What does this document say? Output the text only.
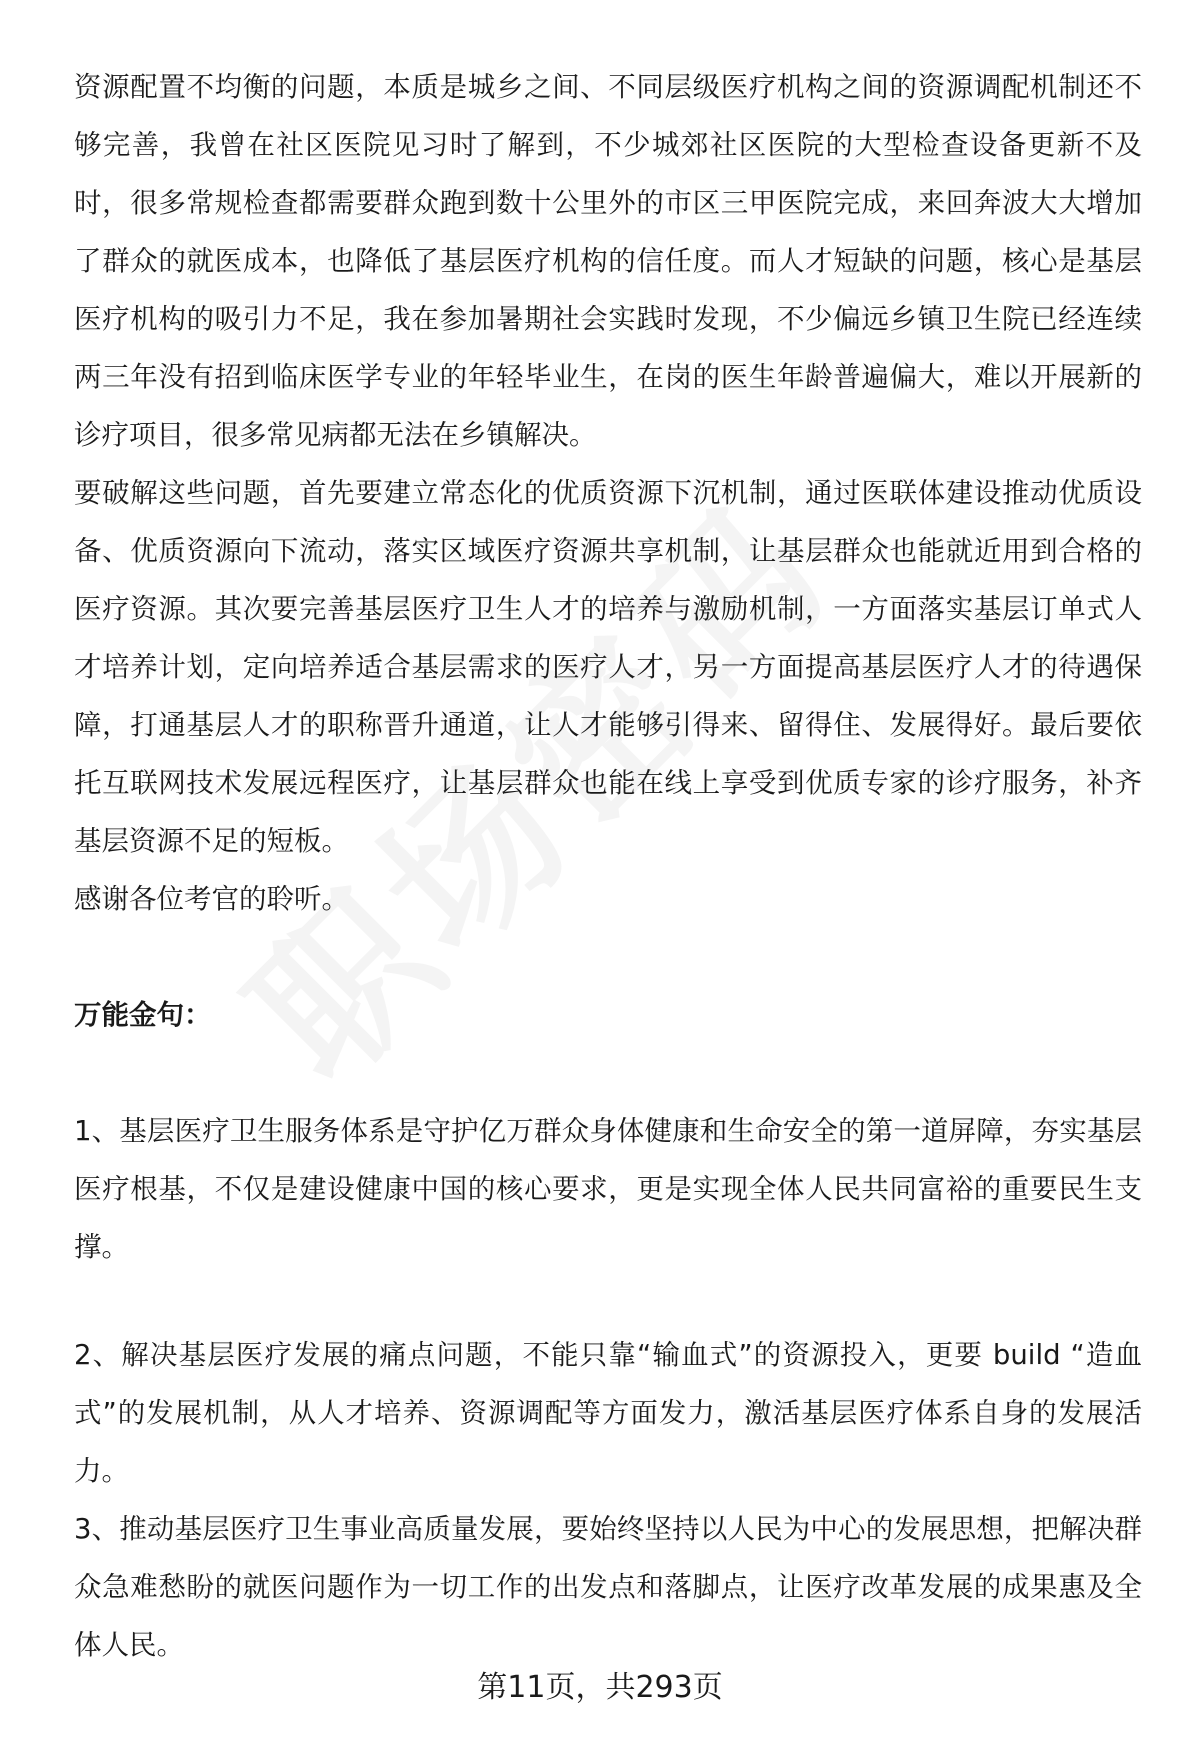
资源配置不均衡的问题，本质是城乡之间、不同层级医疗机构之间的资源调配机制还不够完善，我曾在社区医院见习时了解到，不少城郊社区医院的大型检查设备更新不及时，很多常规检查都需要群众跑到数十公里外的市区三甲医院完成，来回奔波大大增加了群众的就医成本，也降低了基层医疗机构的信任度。而人才短缺的问题，核心是基层医疗机构的吸引力不足，我在参加暑期社会实践时发现，不少偏远乡镇卫生院已经连续两三年没有招到临床医学专业的年轻毕业生，在岗的医生年龄普遍偏大，难以开展新的诊疗项目，很多常见病都无法在乡镇解决。

要破解这些问题，首先要建立常态化的优质资源下沉机制，通过医联体建设推动优质设备、优质资源向下流动，落实区域医疗资源共享机制，让基层群众也能就近用到合格的医疗资源。其次要完善基层医疗卫生人才的培养与激励机制，一方面落实基层订单式人才培养计划，定向培养适合基层需求的医疗人才，另一方面提高基层医疗人才的待遇保障，打通基层人才的职称晋升通道，让人才能够引得来、留得住、发展得好。最后要依托互联网技术发展远程医疗，让基层群众也能在线上享受到优质专家的诊疗服务，补齐基层资源不足的短板。

感谢各位考官的聆听。

万能金句：

1、基层医疗卫生服务体系是守护亿万群众身体健康和生命安全的第一道屏障，夯实基层医疗根基，不仅是建设健康中国的核心要求，更是实现全体人民共同富裕的重要民生支撑。

2、解决基层医疗发展的痛点问题，不能只靠“输血式”的资源投入，更要 build “造血式”的发展机制，从人才培养、资源调配等方面发力，激活基层医疗体系自身的发展活力。

3、推动基层医疗卫生事业高质量发展，要始终坚持以人民为中心的发展思想，把解决群众急难愁盼的就医问题作为一切工作的出发点和落脚点，让医疗改革发展的成果惠及全体人民。

第11页，共293页
